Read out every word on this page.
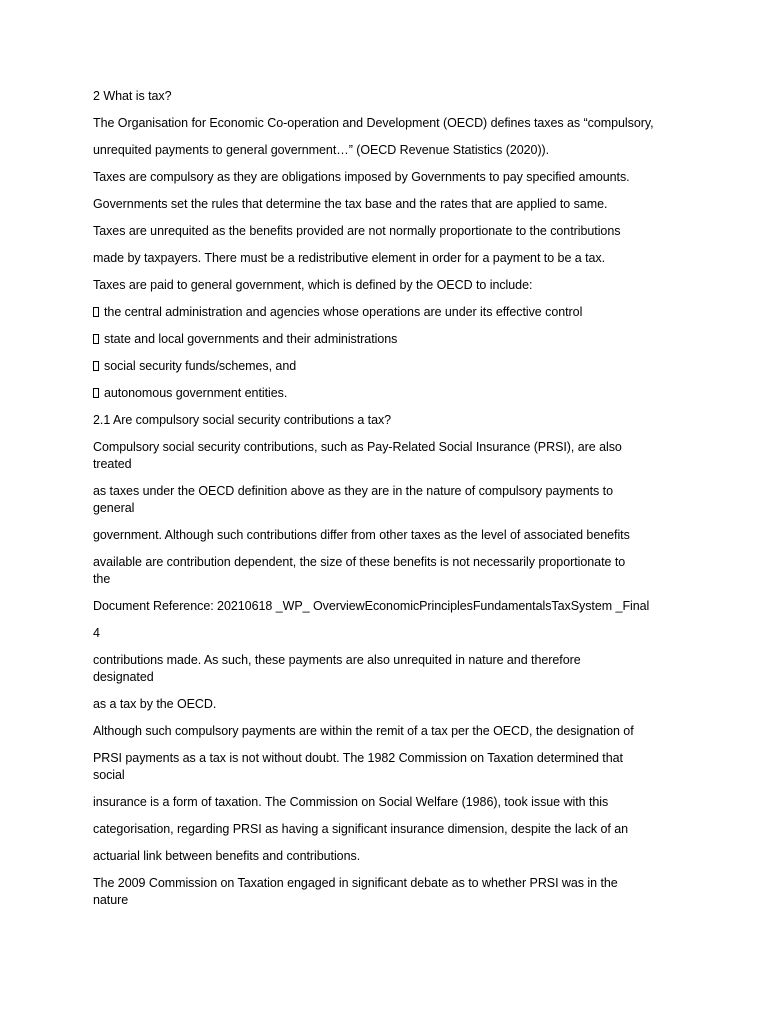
2 What is tax?
The Organisation for Economic Co-operation and Development (OECD) defines taxes as “compulsory,
unrequited payments to general government…” (OECD Revenue Statistics (2020)).
Taxes are compulsory as they are obligations imposed by Governments to pay specified amounts.
Governments set the rules that determine the tax base and the rates that are applied to same.
Taxes are unrequited as the benefits provided are not normally proportionate to the contributions
made by taxpayers. There must be a redistributive element in order for a payment to be a tax.
Taxes are paid to general government, which is defined by the OECD to include:
the central administration and agencies whose operations are under its effective control
state and local governments and their administrations
social security funds/schemes, and
autonomous government entities.
2.1 Are compulsory social security contributions a tax?
Compulsory social security contributions, such as Pay-Related Social Insurance (PRSI), are also
treated
as taxes under the OECD definition above as they are in the nature of compulsory payments to
general
government. Although such contributions differ from other taxes as the level of associated benefits
available are contribution dependent, the size of these benefits is not necessarily proportionate to
the
Document Reference: 20210618 _WP_ OverviewEconomicPrinciplesFundamentalsTaxSystem _Final
4
contributions made. As such, these payments are also unrequited in nature and therefore
designated
as a tax by the OECD.
Although such compulsory payments are within the remit of a tax per the OECD, the designation of
PRSI payments as a tax is not without doubt. The 1982 Commission on Taxation determined that
social
insurance is a form of taxation. The Commission on Social Welfare (1986), took issue with this
categorisation, regarding PRSI as having a significant insurance dimension, despite the lack of an
actuarial link between benefits and contributions.
The 2009 Commission on Taxation engaged in significant debate as to whether PRSI was in the
nature
